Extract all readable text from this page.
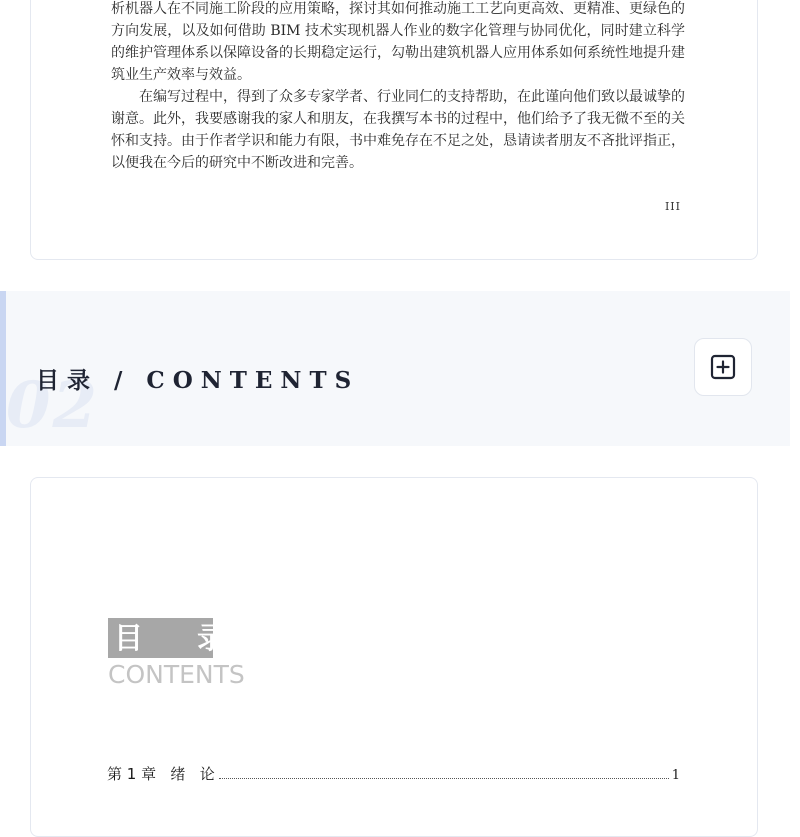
析机器人在不同施工阶段的应用策略，探讨其如何推动施工工艺向更高效、更精准、更绿色的方向发展，以及如何借助 BIM 技术实现机器人作业的数字化管理与协同优化，同时建立科学的维护管理体系以保障设备的长期稳定运行，勾勒出建筑机器人应用体系如何系统性地提升建筑业生产效率与效益。

在编写过程中，得到了众多专家学者、行业同仁的支持帮助，在此谨向他们致以最诚挚的谢意。此外，我要感谢我的家人和朋友，在我撰写本书的过程中，他们给予了我无微不至的关怀和支持。由于作者学识和能力有限，书中难免存在不足之处，恳请读者朋友不吝批评指正，以便我在今后的研究中不断改进和完善。

III
02
目录 / CONTENTS
目 录
CONTENTS
第 1 章   绪   论	1
